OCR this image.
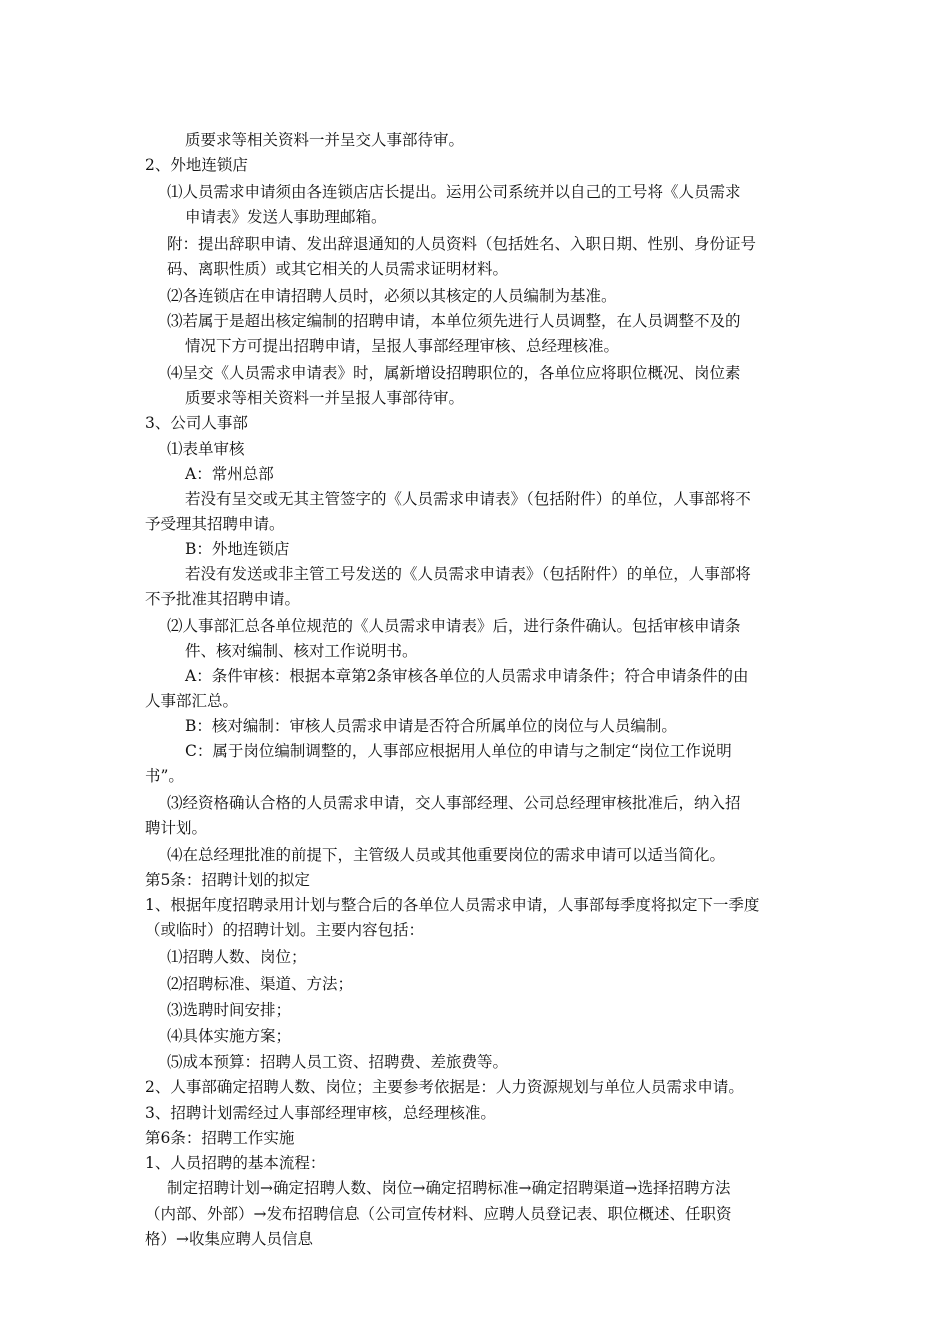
质要求等相关资料一并呈交人事部待审。
2、外地连锁店
⑴人员需求申请须由各连锁店店长提出。运用公司系统并以自己的工号将《人员需求
申请表》发送人事助理邮箱。
附：提出辞职申请、发出辞退通知的人员资料（包括姓名、入职日期、性别、身份证号
码、离职性质）或其它相关的人员需求证明材料。
⑵各连锁店在申请招聘人员时，必须以其核定的人员编制为基准。
⑶若属于是超出核定编制的招聘申请，本单位须先进行人员调整，在人员调整不及的
情况下方可提出招聘申请，呈报人事部经理审核、总经理核准。
⑷呈交《人员需求申请表》时，属新增设招聘职位的，各单位应将职位概况、岗位素
质要求等相关资料一并呈报人事部待审。
3、公司人事部
⑴表单审核
A：常州总部
若没有呈交或无其主管签字的《人员需求申请表》（包括附件）的单位，人事部将不
予受理其招聘申请。
B：外地连锁店
若没有发送或非主管工号发送的《人员需求申请表》（包括附件）的单位，人事部将
不予批准其招聘申请。
⑵人事部汇总各单位规范的《人员需求申请表》后，进行条件确认。包括审核申请条
件、核对编制、核对工作说明书。
A：条件审核：根据本章第2条审核各单位的人员需求申请条件；符合申请条件的由
人事部汇总。
B：核对编制：审核人员需求申请是否符合所属单位的岗位与人员编制。
C：属于岗位编制调整的，人事部应根据用人单位的申请与之制定“岗位工作说明
书”。
⑶经资格确认合格的人员需求申请，交人事部经理、公司总经理审核批准后，纳入招
聘计划。
⑷在总经理批准的前提下，主管级人员或其他重要岗位的需求申请可以适当简化。
第5条：招聘计划的拟定
1、根据年度招聘录用计划与整合后的各单位人员需求申请，人事部每季度将拟定下一季度
（或临时）的招聘计划。主要内容包括：
⑴招聘人数、岗位；
⑵招聘标准、渠道、方法；
⑶选聘时间安排；
⑷具体实施方案；
⑸成本预算：招聘人员工资、招聘费、差旅费等。
2、人事部确定招聘人数、岗位；主要参考依据是：人力资源规划与单位人员需求申请。
3、招聘计划需经过人事部经理审核，总经理核准。
第6条：招聘工作实施
1、人员招聘的基本流程：
制定招聘计划→确定招聘人数、岗位→确定招聘标准→确定招聘渠道→选择招聘方法
（内部、外部）→发布招聘信息（公司宣传材料、应聘人员登记表、职位概述、任职资
格）→收集应聘人员信息
